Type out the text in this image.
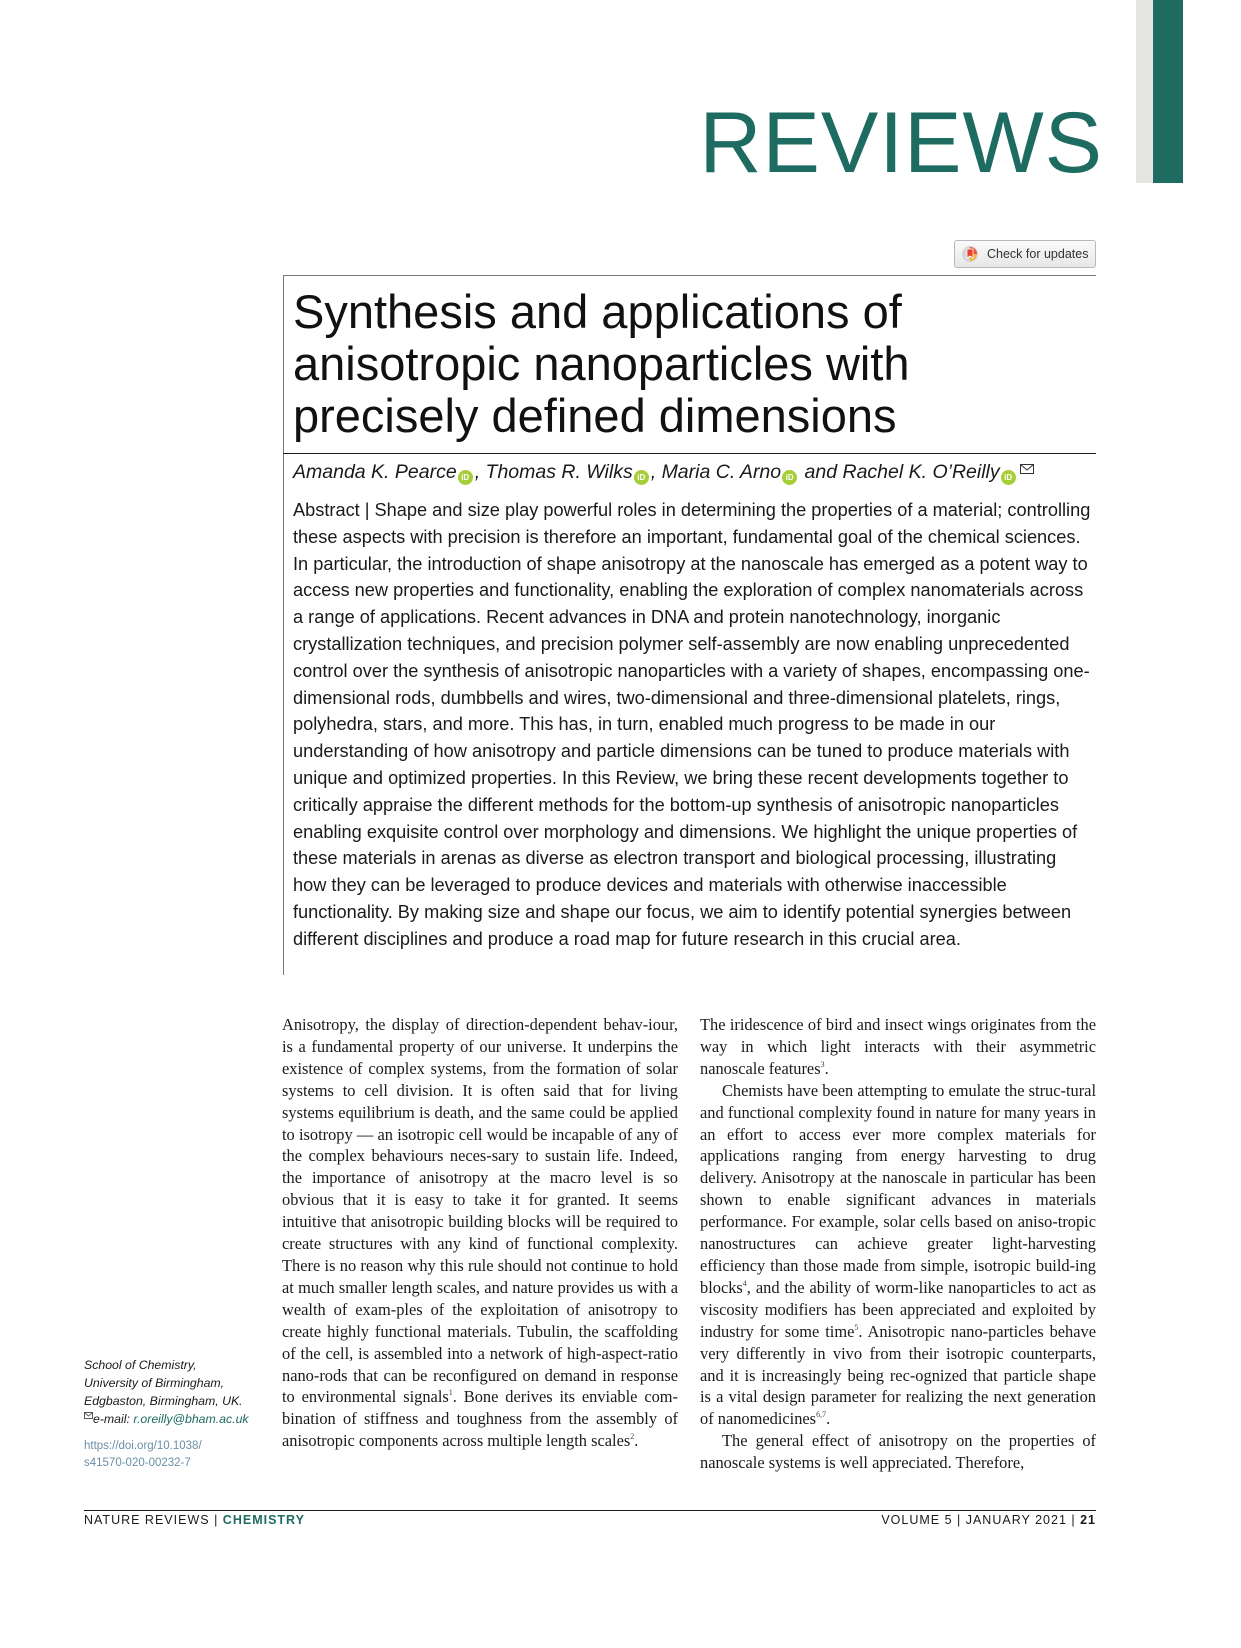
REVIEWS
Check for updates
Synthesis and applications of
anisotropic nanoparticles with
precisely defined dimensions
Amanda K. Pearce iD , Thomas R. Wilks iD , Maria C. Arno iD and Rachel K. O’Reilly iD

Abstract | Shape and size play powerful roles in determining the properties of a material; controlling these aspects with precision is therefore an important, fundamental goal of the chemical sciences. In particular, the introduction of shape anisotropy at the nanoscale has emerged as a potent way to access new properties and functionality, enabling the exploration of complex nanomaterials across a range of applications. Recent advances in DNA and protein nanotechnology, inorganic crystallization techniques, and precision polymer self-assembly are now enabling unprecedented control over the synthesis of anisotropic nanoparticles with a variety of shapes, encompassing one-dimensional rods, dumbbells and wires, two-dimensional and three-dimensional platelets, rings, polyhedra, stars, and more. This has, in turn, enabled much progress to be made in our understanding of how anisotropy and particle dimensions can be tuned to produce materials with unique and optimized properties. In this Review, we bring these recent developments together to critically appraise the different methods for the bottom-up synthesis of anisotropic nanoparticles enabling exquisite control over morphology and dimensions. We highlight the unique properties of these materials in arenas as diverse as electron transport and biological processing, illustrating how they can be leveraged to produce devices and materials with otherwise inaccessible functionality. By making size and shape our focus, we aim to identify potential synergies between different disciplines and produce a road map for future research in this crucial area.

Anisotropy, the display of direction-dependent behav-iour, is a fundamental property of our universe. It underpins the existence of complex systems, from the formation of solar systems to cell division. It is often said that for living systems equilibrium is death, and the same could be applied to isotropy — an isotropic cell would be incapable of any of the complex behaviours neces-sary to sustain life. Indeed, the importance of anisotropy at the macro level is so obvious that it is easy to take it for granted. It seems intuitive that anisotropic building blocks will be required to create structures with any kind of functional complexity. There is no reason why this rule should not continue to hold at much smaller length scales, and nature provides us with a wealth of exam-ples of the exploitation of anisotropy to create highly functional materials. Tubulin, the scaffolding of the cell, is assembled into a network of high-aspect-ratio nano-rods that can be reconfigured on demand in response to environmental signals$^1$. Bone derives its enviable com-bination of stiffness and toughness from the assembly of anisotropic components across multiple length scales$^2$.

The iridescence of bird and insect wings originates from the way in which light interacts with their asymmetric nanoscale features$^3$.

Chemists have been attempting to emulate the struc-tural and functional complexity found in nature for many years in an effort to access ever more complex materials for applications ranging from energy harvesting to drug delivery. Anisotropy at the nanoscale in particular has been shown to enable significant advances in materials performance. For example, solar cells based on aniso-tropic nanostructures can achieve greater light-harvesting efficiency than those made from simple, isotropic build-ing blocks$^4$, and the ability of worm-like nanoparticles to act as viscosity modifiers has been appreciated and exploited by industry for some time$^5$. Anisotropic nano-particles behave very differently in vivo from their isotropic counterparts, and it is increasingly being rec-ognized that particle shape is a vital design parameter for realizing the next generation of nanomedicines$^{6,7}$.

The general effect of anisotropy on the properties of nanoscale systems is well appreciated. Therefore,

School of Chemistry,
University of Birmingham,
Edgbaston, Birmingham, UK.
e-mail: r.oreilly@bham.ac.uk
https://doi.org/10.1038/
s41570-020-00232-7
NATURE REVIEWS | CHEMISTRY	VOLUME 5 | JANUARY 2021 | 21
